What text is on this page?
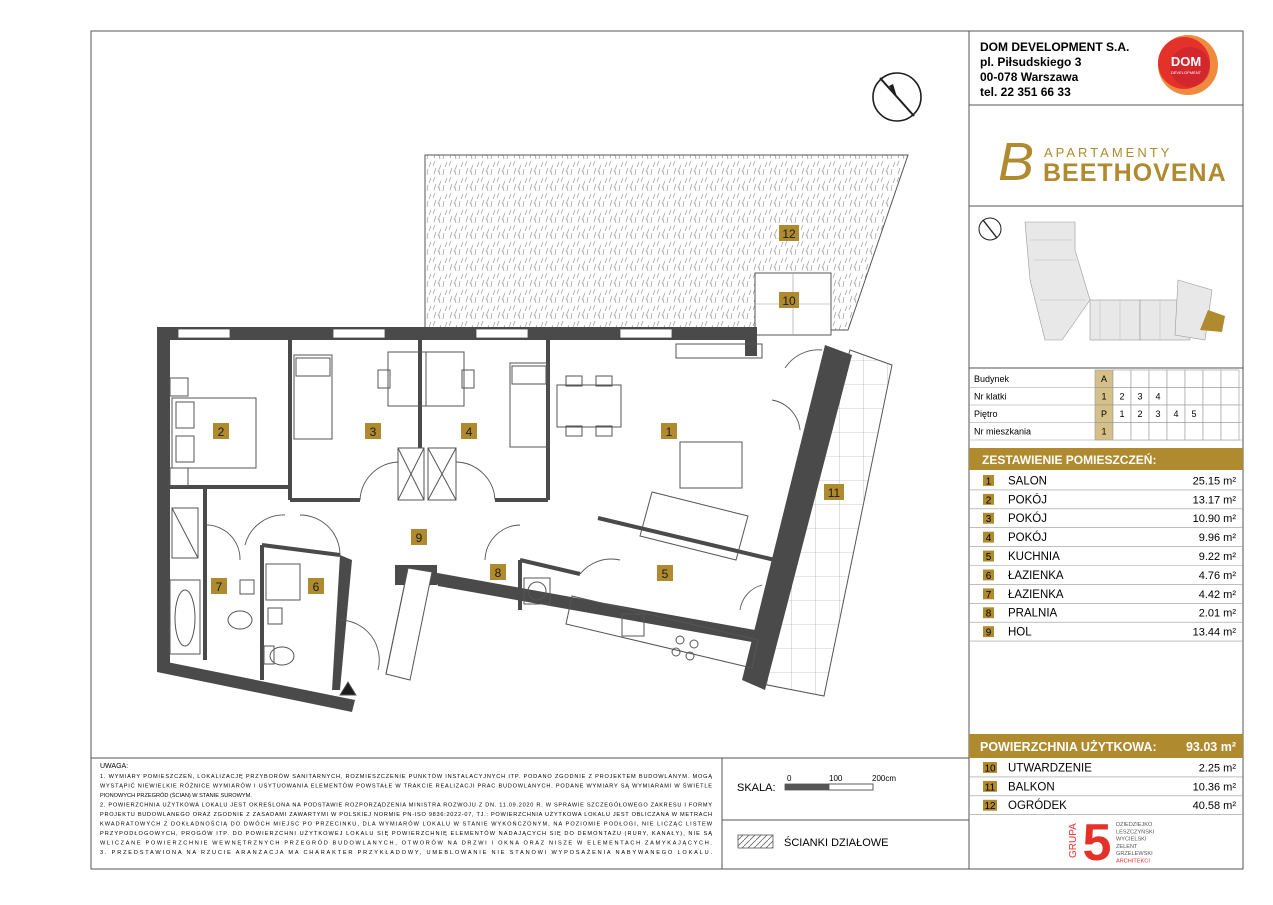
1
2	3	4
5
6
7
8
9
10
11
12
DOM DEVELOPMENT S.A.
pl. Piłsudskiego 3
00-078 Warszawa
tel. 22 351 66 33
DOM
DEVELOPMENT
B APARTAMENTY
BEETHOVENA
Budynek	A
Nr klatki	1 2 3 4
Piętro	P 1 2 3 4 5
Nr mieszkania	1
ZESTAWIENIE POMIESZCZEŃ:
1 SALON	25.15 m²
2 POKÓJ	13.17 m²
3 POKÓJ	10.90 m²
4 POKÓJ	9.96 m²
5 KUCHNIA	9.22 m²
6 ŁAZIENKA	4.76 m²
7 ŁAZIENKA	4.42 m²
8 PRALNIA	2.01 m²
9 HOL	13.44 m²
POWIERZCHNIA UŻYTKOWA: 93.03 m²
10 UTWARDZENIE	2.25 m²
11 BALKON	10.36 m²
12 OGRÓDEK	40.58 m²
GRUPA 5 DZIEDZIEJKO
LESZCZYŃSKI
WYCIELSKI
ZELENT
GRZELEWSKI
ARCHITEKCI
UWAGA:
1. WYMIARY POMIESZCZEŃ, LOKALIZACJĘ PRZYBORÓW SANITARNYCH, ROZMIESZCZENIE PUNKTÓW INSTALACYJNYCH ITP. PODANO ZGODNIE Z PROJEKTEM BUDOWLANYM. MOGĄ
WYSTĄPIĆ NIEWIELKIE RÓŻNICE WYMIARÓW I USYTUOWANIA ELEMENTÓW POWSTAŁE W TRAKCIE REALIZACJI PRAC BUDOWLANYCH. PODANE WYMIARY SĄ WYMIARAMI W ŚWIETLE
PIONOWYCH PRZEGRÓD (ŚCIAN) W STANIE SUROWYM.
2. POWIERZCHNIA UŻYTKOWA LOKALU JEST OKREŚLONA NA PODSTAWIE ROZPORZĄDZENIA MINISTRA ROZWOJU Z DN. 11.09.2020 R. W SPRAWIE SZCZEGÓŁOWEGO ZAKRESU I FORMY
PROJEKTU BUDOWLANEGO ORAZ ZGODNIE Z ZASADAMI ZAWARTYMI W POLSKIEJ NORMIE PN-ISO 9836:2022-07, TJ.: POWIERZCHNIA UŻYTKOWA LOKALU JEST OBLICZANA W METRACH
KWADRATOWYCH Z DOKŁADNOŚCIĄ DO DWÓCH MIEJSC PO PRZECINKU, DLA WYMIARÓW LOKALU W STANIE WYKOŃCZONYM, NA POZIOMIE PODŁOGI, NIE LICZĄC LISTEW
PRZYPODŁOGOWYCH, PROGÓW ITP. DO POWIERZCHNI UŻYTKOWEJ LOKALU SIĘ POWIERZCHNIĘ ELEMENTÓW NADAJĄCYCH SIĘ DO DEMONTAŻU (RURY, KANAŁY), NIE SĄ
WLICZANE POWIERZCHNIE WEWNĘTRZNYCH PRZEGRÓD BUDOWLANYCH, OTWORÓW NA DRZWI I OKNA ORAZ NISZE W ELEMENTACH ZAMYKAJĄCYCH.
3. PRZEDSTAWIONA NA RZUCIE ARANŻACJA MA CHARAKTER PRZYKŁADOWY, UMEBLOWANIE NIE STANOWI WYPOSAŻENIA NABYWANEGO LOKALU.
SKALA:
0	100	200cm
ŚCIANKI DZIAŁOWE
